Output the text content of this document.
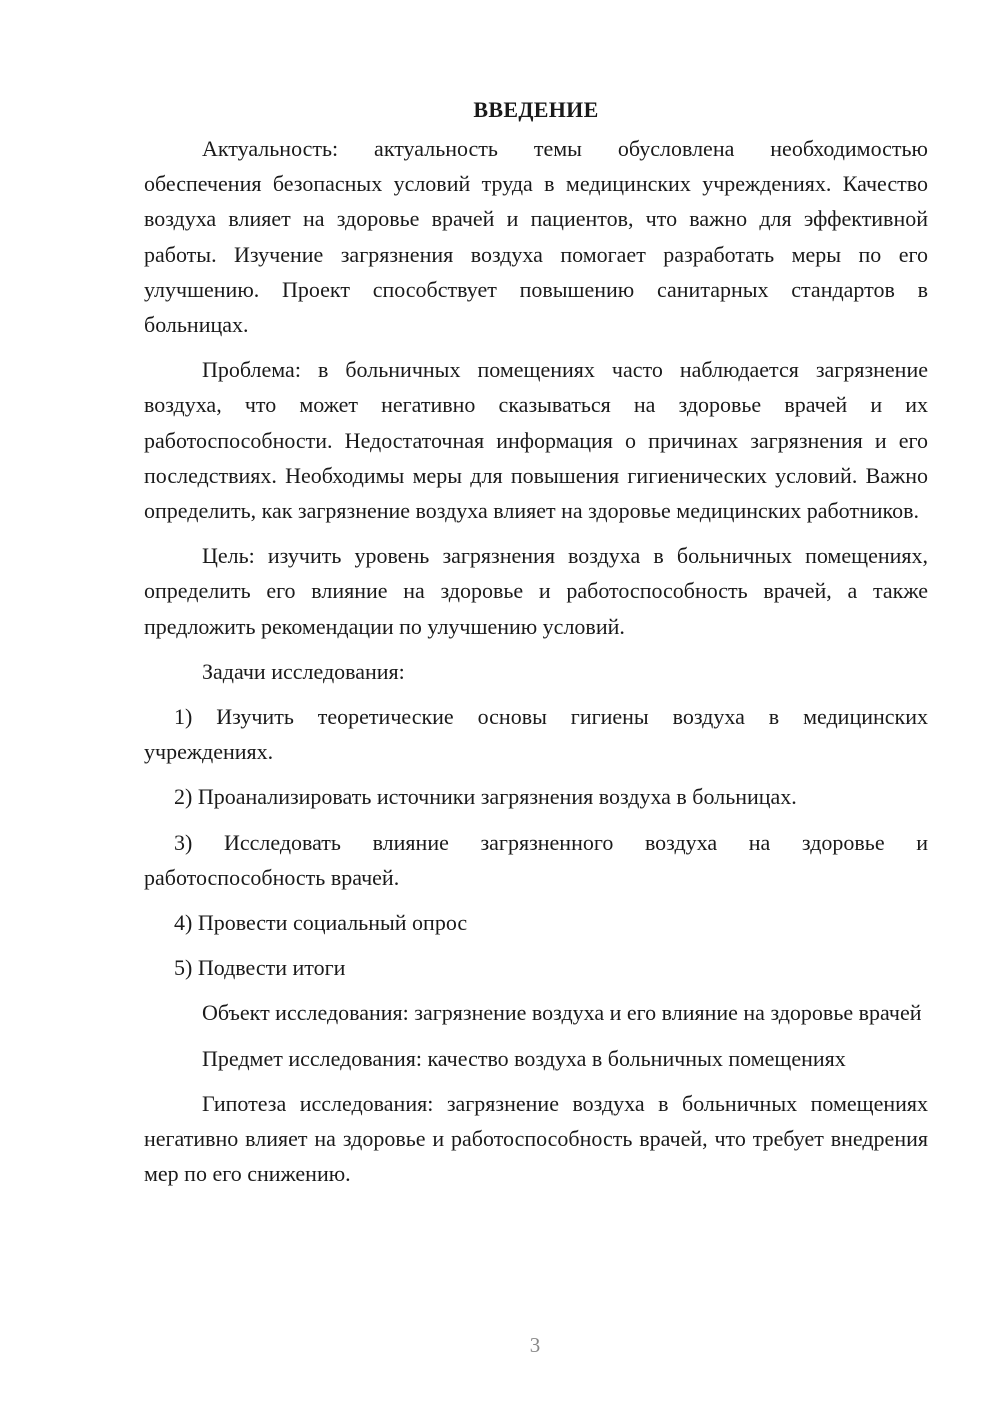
ВВЕДЕНИЕ

Актуальность: актуальность темы обусловлена необходимостью обеспечения безопасных условий труда в медицинских учреждениях. Качество воздуха влияет на здоровье врачей и пациентов, что важно для эффективной работы. Изучение загрязнения воздуха помогает разработать меры по его улучшению. Проект способствует повышению санитарных стандартов в больницах.

Проблема: в больничных помещениях часто наблюдается загрязнение воздуха, что может негативно сказываться на здоровье врачей и их работоспособности. Недостаточная информация о причинах загрязнения и его последствиях. Необходимы меры для повышения гигиенических условий. Важно определить, как загрязнение воздуха влияет на здоровье медицинских работников.

Цель: изучить уровень загрязнения воздуха в больничных помещениях, определить его влияние на здоровье и работоспособность врачей, а также предложить рекомендации по улучшению условий.

Задачи исследования:

1) Изучить теоретические основы гигиены воздуха в медицинских учреждениях.

2) Проанализировать источники загрязнения воздуха в больницах.

3) Исследовать влияние загрязненного воздуха на здоровье и работоспособность врачей.

4) Провести социальный опрос

5) Подвести итоги

Объект исследования: загрязнение воздуха и его влияние на здоровье врачей

Предмет исследования: качество воздуха в больничных помещениях

Гипотеза исследования: загрязнение воздуха в больничных помещениях негативно влияет на здоровье и работоспособность врачей, что требует внедрения мер по его снижению.

3
